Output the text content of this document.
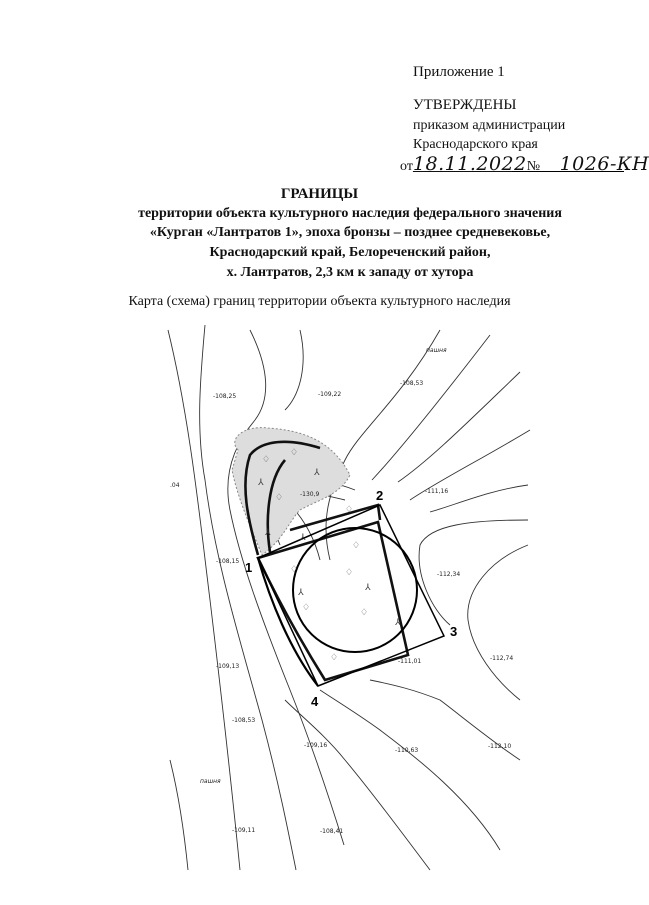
Приложение 1
УТВЕРЖДЕНЫ
приказом администрации
Краснодарского края
от18.11.2022№ 1026-КН
ГРАНИЦЫ
территории объекта культурного наследия федерального значения
«Курган «Лантратов 1», эпоха бронзы – позднее средневековье,
Краснодарский край, Белореченский район,
х. Лантратов, 2,3 км к западу от хутора
Карта (схема) границ территории объекта культурного наследия
♢
⅄
♢
⅄
♢
⅄
♢
⅄
♢
♢	♢
⅄
⅄
♢
⅄
♢
♢
пашня
пашня
-108,25	-109,22
-108,53
-130,9	-111,16
-108,15
-112,34
-109,13
-111,01	-112,74
-108,53
-109,16
-110,63
-112,10
-109,11	-108,41
.04
1
2
3
4
